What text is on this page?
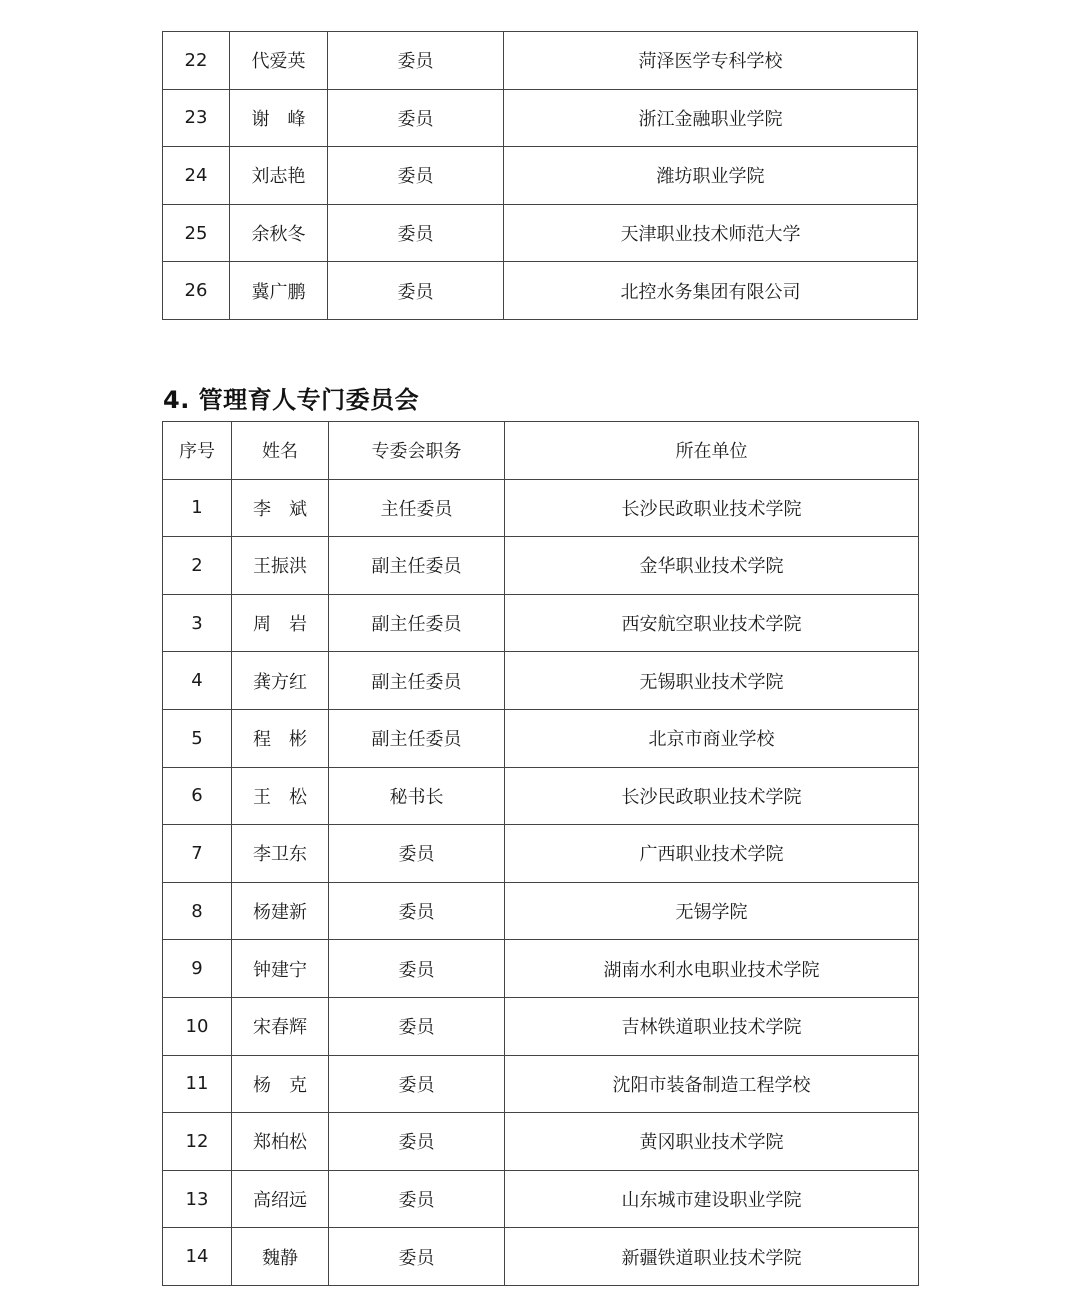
22	代爱英	委员	菏泽医学专科学校
23	谢　峰	委员	浙江金融职业学院
24	刘志艳	委员	潍坊职业学院
25	余秋冬	委员	天津职业技术师范大学
26	冀广鹏	委员	北控水务集团有限公司
4. 管理育人专门委员会
序号	姓名	专委会职务	所在单位
1	李　斌	主任委员	长沙民政职业技术学院
2	王振洪	副主任委员	金华职业技术学院
3	周　岩	副主任委员	西安航空职业技术学院
4	龚方红	副主任委员	无锡职业技术学院
5	程　彬	副主任委员	北京市商业学校
6	王　松	秘书长	长沙民政职业技术学院
7	李卫东	委员	广西职业技术学院
8	杨建新	委员	无锡学院
9	钟建宁	委员	湖南水利水电职业技术学院
10	宋春辉	委员	吉林铁道职业技术学院
11	杨　克	委员	沈阳市装备制造工程学校
12	郑柏松	委员	黄冈职业技术学院
13	高绍远	委员	山东城市建设职业学院
14	魏静	委员	新疆铁道职业技术学院
